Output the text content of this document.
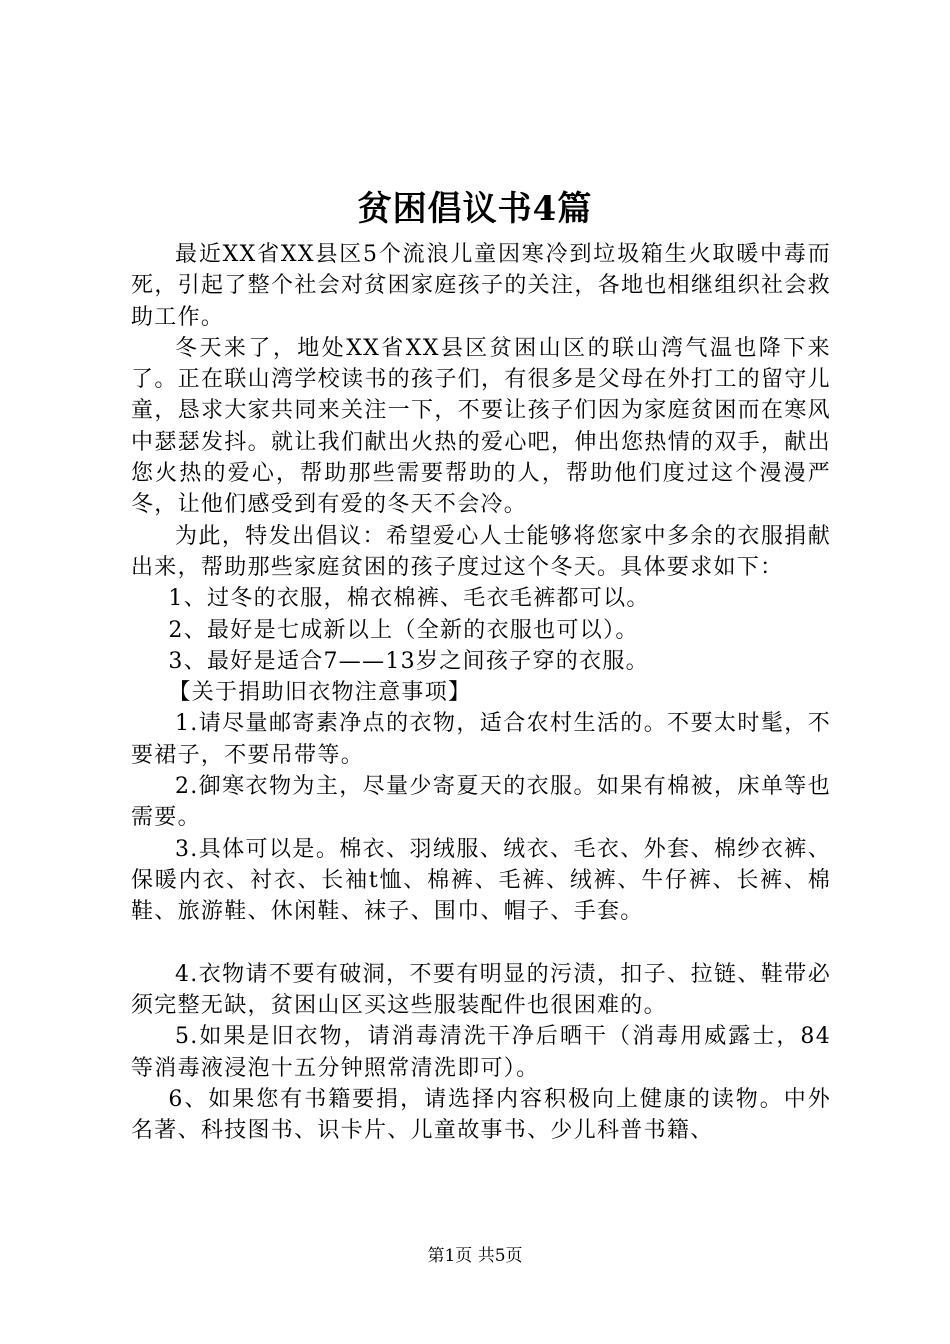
贫困倡议书4篇

最近XX省XX县区5个流浪儿童因寒冷到垃圾箱生火取暖中毒而死，引起了整个社会对贫困家庭孩子的关注，各地也相继组织社会救助工作。

冬天来了，地处XX省XX县区贫困山区的联山湾气温也降下来了。正在联山湾学校读书的孩子们，有很多是父母在外打工的留守儿童，恳求大家共同来关注一下，不要让孩子们因为家庭贫困而在寒风中瑟瑟发抖。就让我们献出火热的爱心吧，伸出您热情的双手，献出您火热的爱心，帮助那些需要帮助的人，帮助他们度过这个漫漫严冬，让他们感受到有爱的冬天不会冷。

为此，特发出倡议：希望爱心人士能够将您家中多余的衣服捐献出来，帮助那些家庭贫困的孩子度过这个冬天。具体要求如下：

1、过冬的衣服，棉衣棉裤、毛衣毛裤都可以。

2、最好是七成新以上（全新的衣服也可以）。

3、最好是适合7——13岁之间孩子穿的衣服。

【关于捐助旧衣物注意事项】

1.请尽量邮寄素净点的衣物，适合农村生活的。不要太时髦，不要裙子，不要吊带等。

2.御寒衣物为主，尽量少寄夏天的衣服。如果有棉被，床单等也需要。

3.具体可以是。棉衣、羽绒服、绒衣、毛衣、外套、棉纱衣裤、保暖内衣、衬衣、长袖t恤、棉裤、毛裤、绒裤、牛仔裤、长裤、棉鞋、旅游鞋、休闲鞋、袜子、围巾、帽子、手套。

4.衣物请不要有破洞，不要有明显的污渍，扣子、拉链、鞋带必须完整无缺，贫困山区买这些服装配件也很困难的。

5.如果是旧衣物，请消毒清洗干净后晒干（消毒用威露士，84等消毒液浸泡十五分钟照常清洗即可）。

6、如果您有书籍要捐，请选择内容积极向上健康的读物。中外名著、科技图书、识卡片、儿童故事书、少儿科普书籍、

第1页 共5页
